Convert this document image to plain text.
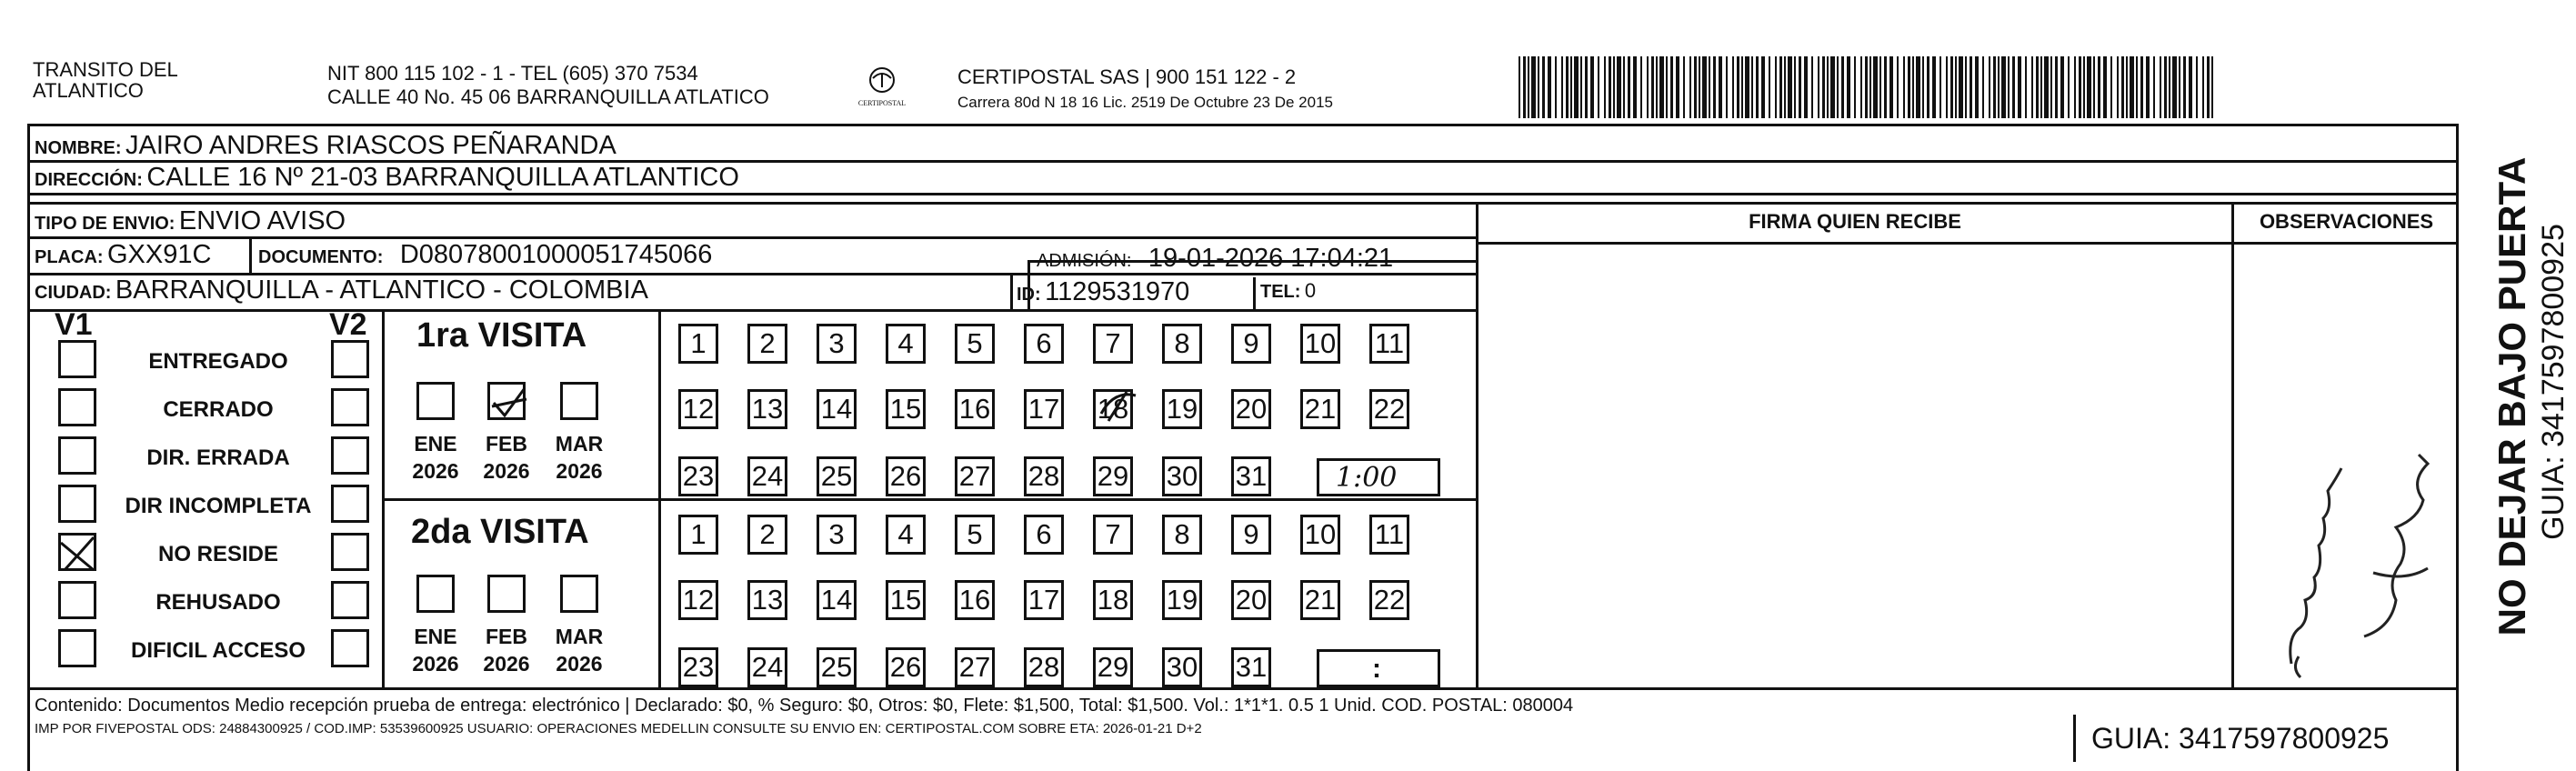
TRANSITO DEL
ATLANTICO
NIT 800 115 102 - 1 - TEL (605) 370 7534
CALLE 40 No. 45 06 BARRANQUILLA ATLATICO	CERTIPOSTAL
CERTIPOSTAL SAS | 900 151 122 - 2
Carrera 80d N 18 16 Lic. 2519 De Octubre 23 De 2015
NOMBRE: JAIRO ANDRES RIASCOS PEÑARANDA
DIRECCIÓN: CALLE 16 Nº 21-03 BARRANQUILLA ATLANTICO
TIPO DE ENVIO: ENVIO AVISO	FIRMA QUIEN RECIBE	OBSERVACIONES
PLACA: GXX91C	DOCUMENTO: D08078001000051745066	ADMISIÓN: 19-01-2026 17:04:21
CIUDAD: BARRANQUILLA - ATLANTICO - COLOMBIA	ID: 1129531970	TEL: 0
V1	V2
ENTREGADO
CERRADO
DIR. ERRADA
DIR INCOMPLETA
NO RESIDE
REHUSADO
DIFICIL ACCESO
1ra VISITA
2da VISITA
ENE
2026
FEB
2026
MAR
2026
ENE
2026
FEB
2026
MAR
2026
1 2 3 4 5 6 7 8 9 10 11
12 13 14 15 16 17 18 19 20 21 22
23 24 25 26 27 28 29 30 31
1 2 3 4 5 6 7 8 9 10 11
12 13 14 15 16 17 18 19 20 21 22
23 24 25 26 27 28 29 30 31
1:00
:
Contenido: Documentos Medio recepción prueba de entrega: electrónico | Declarado: $0, % Seguro: $0, Otros: $0, Flete: $1,500, Total: $1,500. Vol.: 1*1*1. 0.5 1 Unid. COD. POSTAL: 080004
IMP POR FIVEPOSTAL ODS: 24884300925 / COD.IMP: 53539600925 USUARIO: OPERACIONES MEDELLIN CONSULTE SU ENVIO EN: CERTIPOSTAL.COM SOBRE ETA: 2026-01-21 D+2	GUIA: 3417597800925
NO DEJAR BAJO PUERTA GUIA: 3417597800925
